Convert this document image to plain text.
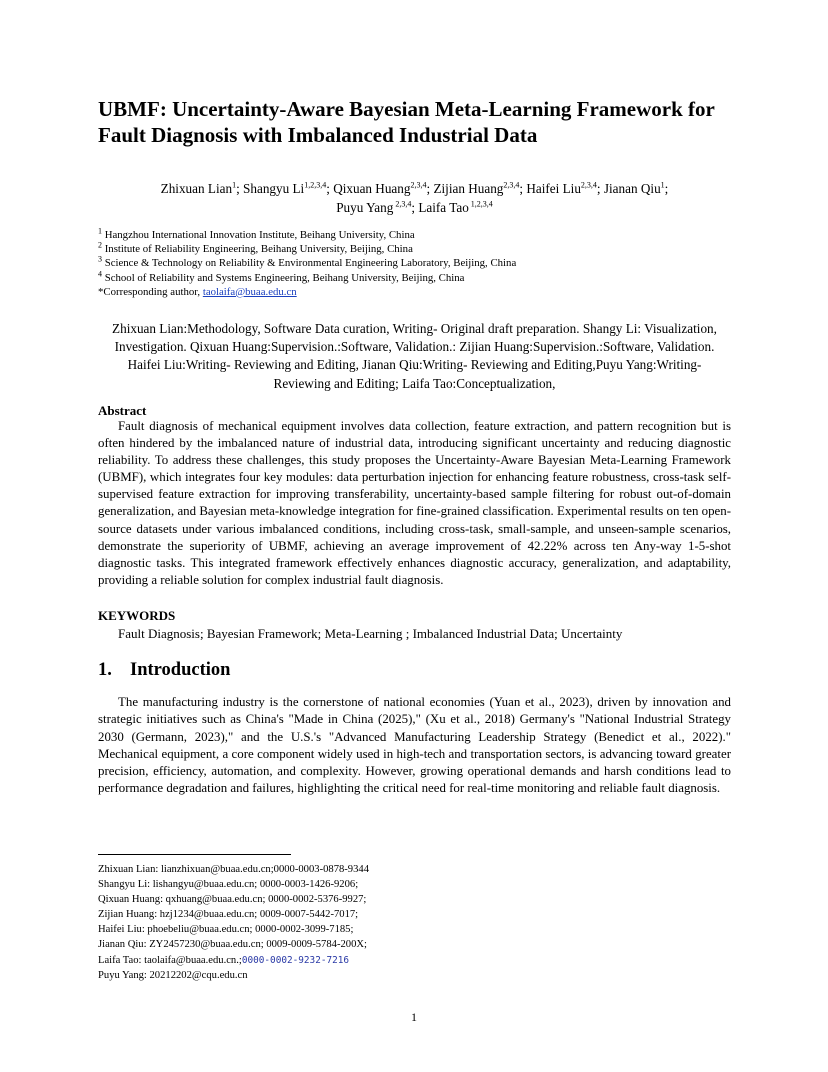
UBMF: Uncertainty-Aware Bayesian Meta-Learning Framework for Fault Diagnosis with Imbalanced Industrial Data
Zhixuan Lian$^1$; Shangyu Li$^{1,2,3,4}$; Qixuan Huang$^{2,3,4}$; Zijian Huang$^{2,3,4}$; Haifei Liu$^{2,3,4}$; Jianan Qiu$^1$;
Puyu Yang $^{2,3,4}$; Laifa Tao $^{1,2,3,4}$
$^1$ Hangzhou International Innovation Institute, Beihang University, China
$^2$ Institute of Reliability Engineering, Beihang University, Beijing, China
$^3$ Science & Technology on Reliability & Environmental Engineering Laboratory, Beijing, China
$^4$ School of Reliability and Systems Engineering, Beihang University, Beijing, China
*Corresponding author, taolaifa@buaa.edu.cn
Zhixuan Lian:Methodology, Software Data curation, Writing- Original draft preparation. Shangy Li: Visualization, Investigation. Qixuan Huang:Supervision.:Software, Validation.: Zijian Huang:Supervision.:Software, Validation. Haifei Liu:Writing- Reviewing and Editing, Jianan Qiu:Writing- Reviewing and Editing,Puyu Yang:Writing- Reviewing and Editing; Laifa Tao:Conceptualization,
Abstract
Fault diagnosis of mechanical equipment involves data collection, feature extraction, and pattern recognition but is often hindered by the imbalanced nature of industrial data, introducing significant uncertainty and reducing diagnostic reliability. To address these challenges, this study proposes the Uncertainty-Aware Bayesian Meta-Learning Framework (UBMF), which integrates four key modules: data perturbation injection for enhancing feature robustness, cross-task self-supervised feature extraction for improving transferability, uncertainty-based sample filtering for robust out-of-domain generalization, and Bayesian meta-knowledge integration for fine-grained classification. Experimental results on ten open-source datasets under various imbalanced conditions, including cross-task, small-sample, and unseen-sample scenarios, demonstrate the superiority of UBMF, achieving an average improvement of 42.22% across ten Any-way 1-5-shot diagnostic tasks. This integrated framework effectively enhances diagnostic accuracy, generalization, and adaptability, providing a reliable solution for complex industrial fault diagnosis.
KEYWORDS
Fault Diagnosis; Bayesian Framework; Meta-Learning ; Imbalanced Industrial Data; Uncertainty
1. Introduction
The manufacturing industry is the cornerstone of national economies (Yuan et al., 2023), driven by innovation and strategic initiatives such as China's "Made in China (2025)," (Xu et al., 2018) Germany's "National Industrial Strategy 2030 (Germann, 2023)," and the U.S.'s "Advanced Manufacturing Leadership Strategy (Benedict et al., 2022)." Mechanical equipment, a core component widely used in high-tech and transportation sectors, is advancing toward greater precision, efficiency, automation, and complexity. However, growing operational demands and harsh conditions lead to performance degradation and failures, highlighting the critical need for real-time monitoring and reliable fault diagnosis.
Zhixuan Lian: lianzhixuan@buaa.edu.cn;0000-0003-0878-9344
Shangyu Li: lishangyu@buaa.edu.cn; 0000-0003-1426-9206;
Qixuan Huang: qxhuang@buaa.edu.cn; 0000-0002-5376-9927;
Zijian Huang: hzj1234@buaa.edu.cn; 0009-0007-5442-7017;
Haifei Liu: phoebeliu@buaa.edu.cn; 0000-0002-3099-7185;
Jianan Qiu: ZY2457230@buaa.edu.cn; 0009-0009-5784-200X;
Laifa Tao: taolaifa@buaa.edu.cn.;0000-0002-9232-7216
Puyu Yang: 20212202@cqu.edu.cn
1
